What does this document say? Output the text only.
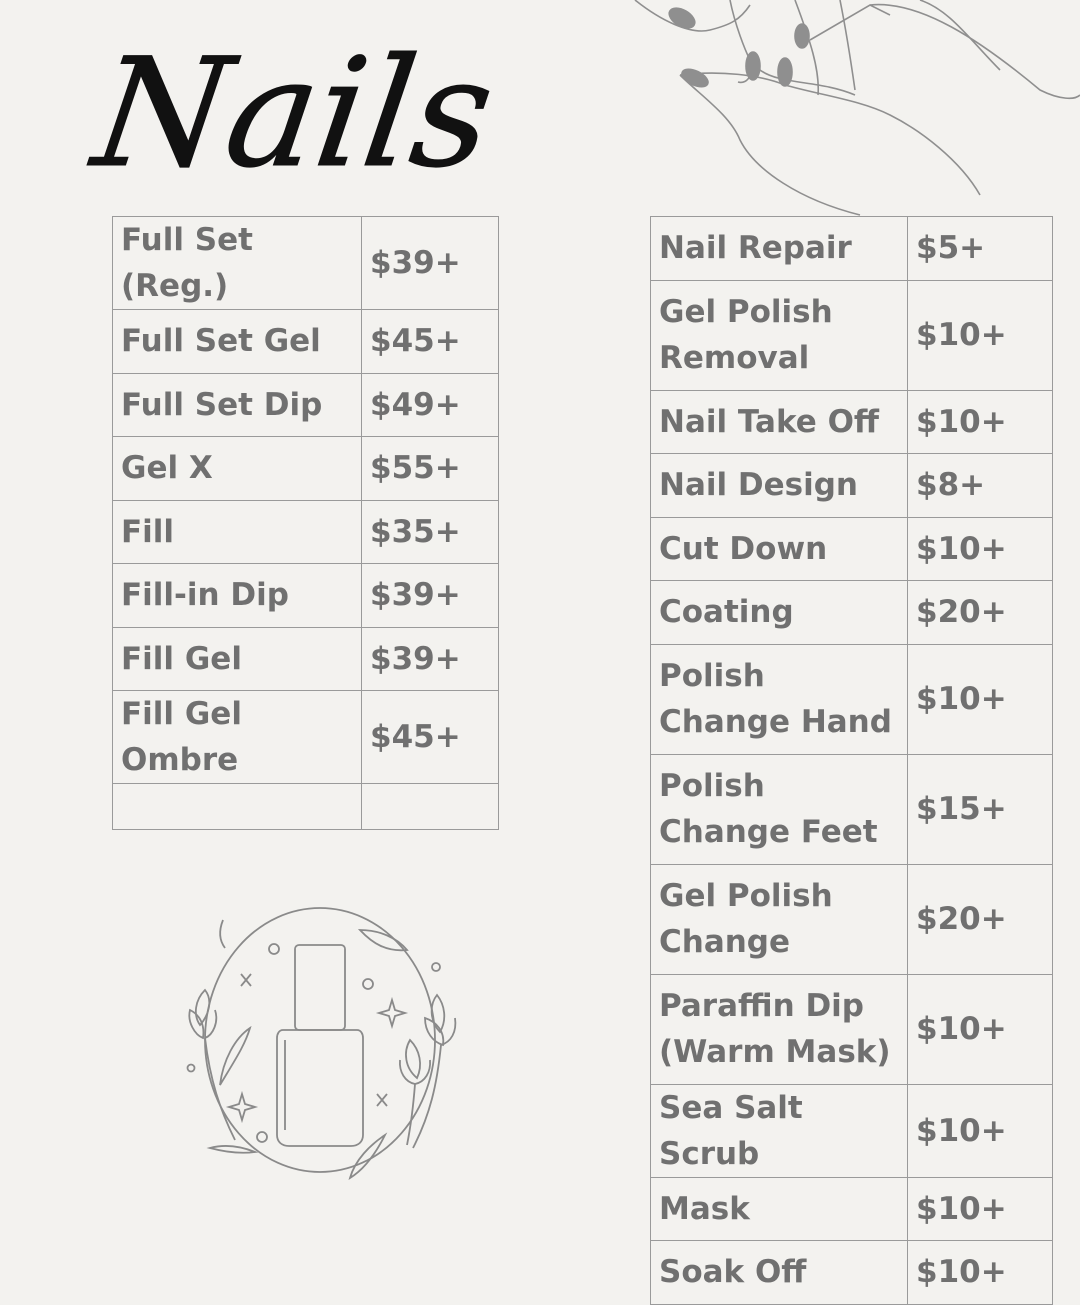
Nails
Full Set (Reg.)	$39+
Full Set Gel	$45+
Full Set Dip	$49+
Gel X	$55+
Fill	$35+
Fill-in Dip	$39+
Fill Gel	$39+
Fill Gel Ombre	$45+

Nail Repair	$5+
Gel Polish Removal	$10+
Nail Take Off	$10+
Nail Design	$8+
Cut Down	$10+
Coating	$20+
Polish Change Hand	$10+
Polish Change Feet	$15+
Gel Polish Change	$20+
Paraffin Dip (Warm Mask)	$10+
Sea Salt Scrub	$10+
Mask	$10+
Soak Off	$10+
